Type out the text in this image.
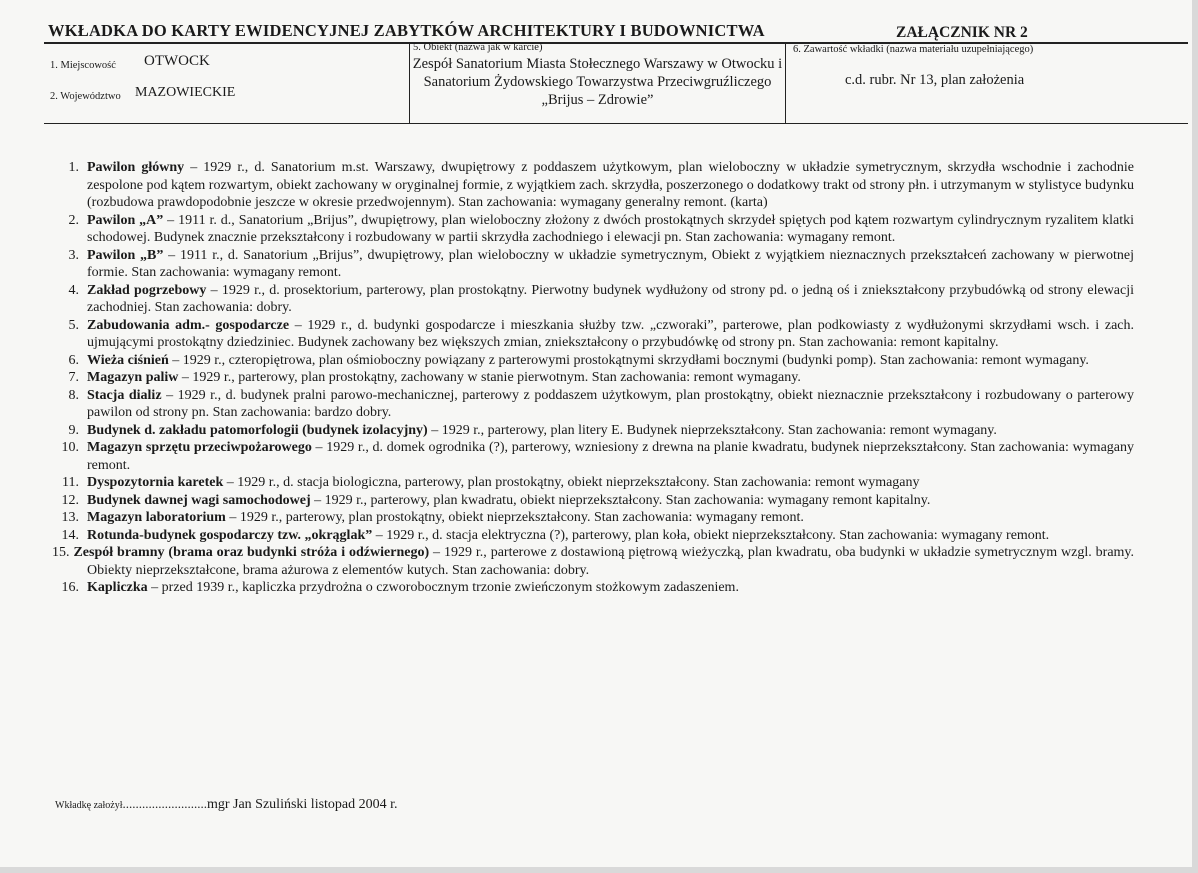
WKŁADKA DO KARTY EWIDENCYJNEJ ZABYTKÓW ARCHITEKTURY I BUDOWNICTWA	ZAŁĄCZNIK NR 2
1. Miejscowość OTWOCK
2. Województwo MAZOWIECKIE
5. Obiekt (nazwa jak w karcie)
Zespół Sanatorium Miasta Stołecznego Warszawy w Otwocku i Sanatorium Żydowskiego Towarzystwa Przeciwgruźliczego „Brijus – Zdrowie”
6. Zawartość wkładki (nazwa materiału uzupełniającego)
c.d. rubr. Nr 13, plan założenia
1. Pawilon główny – 1929 r., d. Sanatorium m.st. Warszawy, dwupiętrowy z poddaszem użytkowym, plan wieloboczny w układzie symetrycznym, skrzydła wschodnie i zachodnie zespolone pod kątem rozwartym, obiekt zachowany w oryginalnej formie, z wyjątkiem zach. skrzydła, poszerzonego o dodatkowy trakt od strony płn. i utrzymanym w stylistyce budynku (rozbudowa prawdopodobnie jeszcze w okresie przedwojennym). Stan zachowania: wymagany generalny remont. (karta)
2. Pawilon „A” – 1911 r. d., Sanatorium „Brijus”, dwupiętrowy, plan wieloboczny złożony z dwóch prostokątnych skrzydeł spiętych pod kątem rozwartym cylindrycznym ryzalitem klatki schodowej. Budynek znacznie przekształcony i rozbudowany w partii skrzydła zachodniego i elewacji pn. Stan zachowania: wymagany remont.
3. Pawilon „B” – 1911 r., d. Sanatorium „Brijus”, dwupiętrowy, plan wieloboczny w układzie symetrycznym, Obiekt z wyjątkiem nieznacznych przekształceń zachowany w pierwotnej formie. Stan zachowania: wymagany remont.
4. Zakład pogrzebowy – 1929 r., d. prosektorium, parterowy, plan prostokątny. Pierwotny budynek wydłużony od strony pd. o jedną oś i zniekształcony przybudówką od strony elewacji zachodniej. Stan zachowania: dobry.
5. Zabudowania adm.- gospodarcze – 1929 r., d. budynki gospodarcze i mieszkania służby tzw. „czworaki”, parterowe, plan podkowiasty z wydłużonymi skrzydłami wsch. i zach. ujmującymi prostokątny dziedziniec. Budynek zachowany bez większych zmian, zniekształcony o przybudówkę od strony pn. Stan zachowania: remont kapitalny.
6. Wieża ciśnień – 1929 r., czteropiętrowa, plan ośmioboczny powiązany z parterowymi prostokątnymi skrzydłami bocznymi (budynki pomp). Stan zachowania: remont wymagany.
7. Magazyn paliw – 1929 r., parterowy, plan prostokątny, zachowany w stanie pierwotnym. Stan zachowania: remont wymagany.
8. Stacja dializ – 1929 r., d. budynek pralni parowo-mechanicznej, parterowy z poddaszem użytkowym, plan prostokątny, obiekt nieznacznie przekształcony i rozbudowany o parterowy pawilon od strony pn. Stan zachowania: bardzo dobry.
9. Budynek d. zakładu patomorfologii (budynek izolacyjny) – 1929 r., parterowy, plan litery E. Budynek nieprzekształcony. Stan zachowania: remont wymagany.
10. Magazyn sprzętu przeciwpożarowego – 1929 r., d. domek ogrodnika (?), parterowy, wzniesiony z drewna na planie kwadratu, budynek nieprzekształcony. Stan zachowania: wymagany remont.
11. Dyspozytornia karetek – 1929 r., d. stacja biologiczna, parterowy, plan prostokątny, obiekt nieprzekształcony. Stan zachowania: remont wymagany
12. Budynek dawnej wagi samochodowej – 1929 r., parterowy, plan kwadratu, obiekt nieprzekształcony. Stan zachowania: wymagany remont kapitalny.
13. Magazyn laboratorium – 1929 r., parterowy, plan prostokątny, obiekt nieprzekształcony. Stan zachowania: wymagany remont.
14. Rotunda-budynek gospodarczy tzw. „okrąglak” – 1929 r., d. stacja elektryczna (?), parterowy, plan koła, obiekt nieprzekształcony. Stan zachowania: wymagany remont.
15. Zespół bramny (brama oraz budynki stróża i odźwiernego) – 1929 r., parterowe z dostawioną piętrową wieżyczką, plan kwadratu, oba budynki w układzie symetrycznym wzgl. bramy. Obiekty nieprzekształcone, brama ażurowa z elementów kutych. Stan zachowania: dobry.
16. Kapliczka – przed 1939 r., kapliczka przydrożna o czworobocznym trzonie zwieńczonym stożkowym zadaszeniem.
Wkładkę założył..........................mgr Jan Szuliński listopad 2004 r.
